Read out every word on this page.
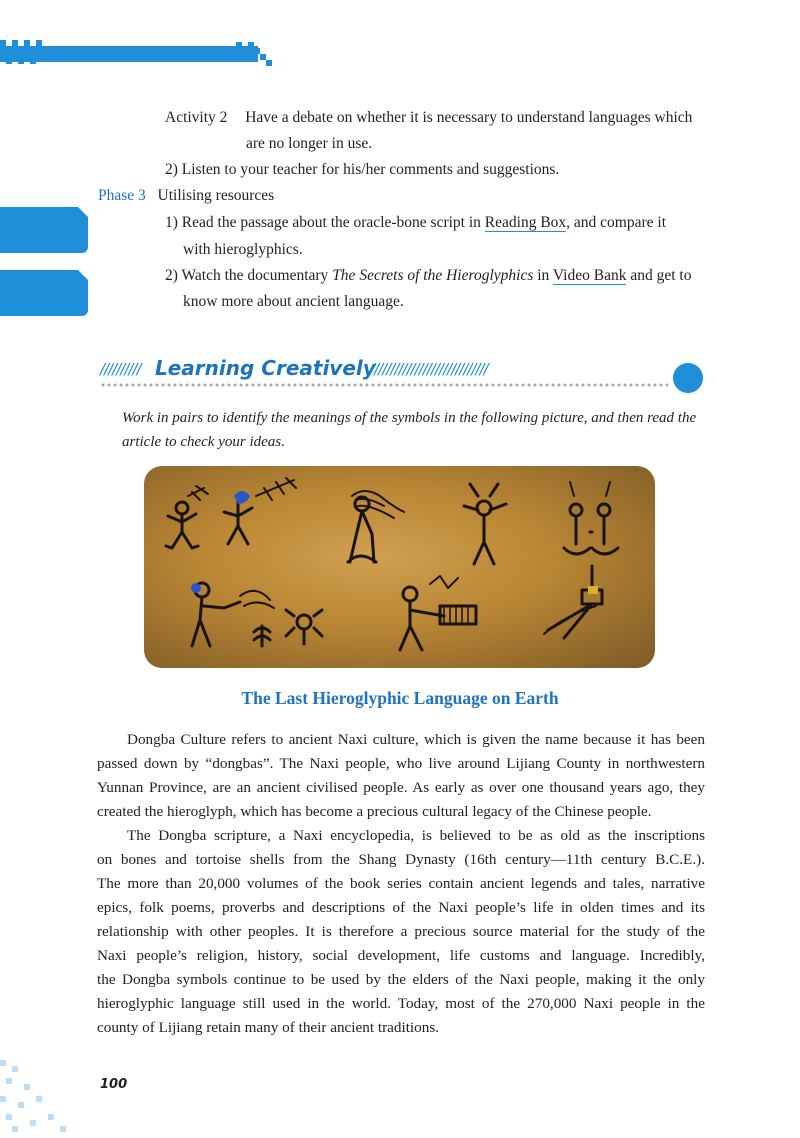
Activity 2 Have a debate on whether it is necessary to understand languages which
are no longer in use.
2) Listen to your teacher for his/her comments and suggestions.
Phase 3 Utilising resources
1) Read the passage about the oracle-bone script in Reading Box, and compare it
with hieroglyphics.
2) Watch the documentary The Secrets of the Hieroglyphics in Video Bank and get to
know more about ancient language.
////////// Learning Creatively
/////////////////////////////
Work in pairs to identify the meanings of the symbols in the following picture, and then read the
article to check your ideas.
The Last Hieroglyphic Language on Earth
Dongba Culture refers to ancient Naxi culture, which is given the name because it has been
passed down by “dongbas”. The Naxi people, who live around Lijiang County in northwestern
Yunnan Province, are an ancient civilised people. As early as over one thousand years ago, they
created the hieroglyph, which has become a precious cultural legacy of the Chinese people.
The Dongba scripture, a Naxi encyclopedia, is believed to be as old as the inscriptions
on bones and tortoise shells from the Shang Dynasty (16th century—11th century B.C.E.).
The more than 20,000 volumes of the book series contain ancient legends and tales, narrative
epics, folk poems, proverbs and descriptions of the Naxi people’s life in olden times and its
relationship with other peoples. It is therefore a precious source material for the study of the
Naxi people’s religion, history, social development, life customs and language. Incredibly,
the Dongba symbols continue to be used by the elders of the Naxi people, making it the only
hieroglyphic language still used in the world. Today, most of the 270,000 Naxi people in the
county of Lijiang retain many of their ancient traditions.
100
